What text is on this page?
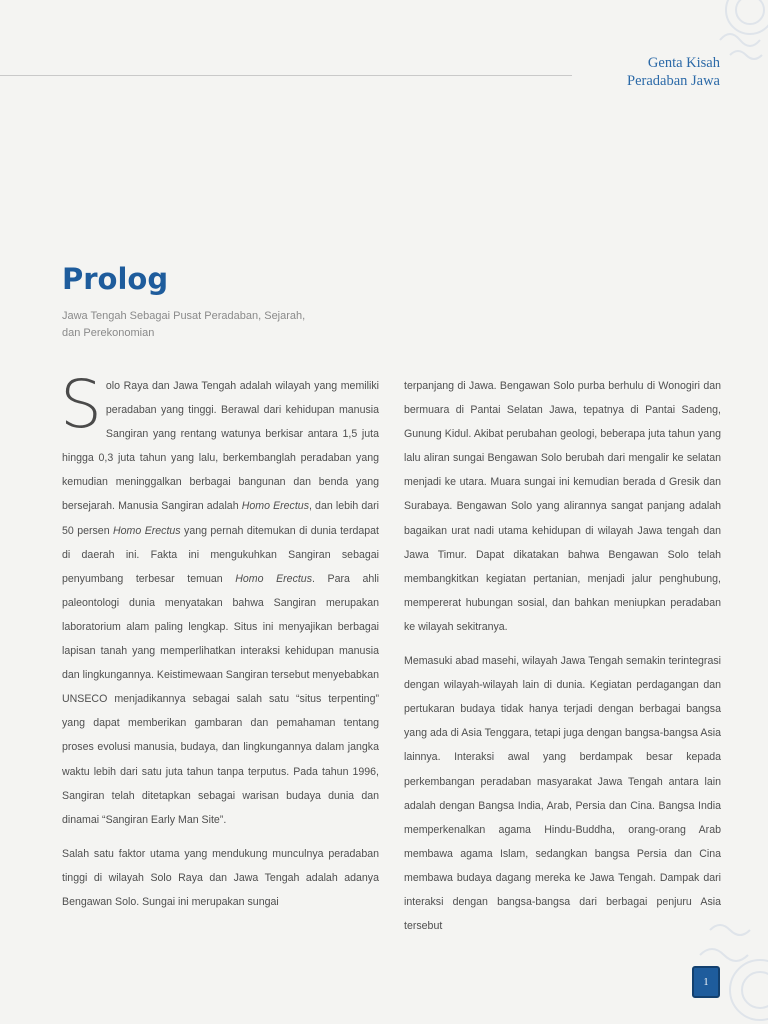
Genta Kisah
Peradaban Jawa
Prolog
Jawa Tengah Sebagai Pusat Peradaban, Sejarah, dan Perekonomian

Solo Raya dan Jawa Tengah adalah wilayah yang memiliki peradaban yang tinggi. Berawal dari kehidupan manusia Sangiran yang rentang watunya berkisar antara 1,5 juta hingga 0,3 juta tahun yang lalu, berkembanglah peradaban yang kemudian meninggalkan berbagai bangunan dan benda yang bersejarah. Manusia Sangiran adalah Homo Erectus, dan lebih dari 50 persen Homo Erectus yang pernah ditemukan di dunia terdapat di daerah ini. Fakta ini mengukuhkan Sangiran sebagai penyumbang terbesar temuan Homo Erectus. Para ahli paleontologi dunia menyatakan bahwa Sangiran merupakan laboratorium alam paling lengkap. Situs ini menyajikan berbagai lapisan tanah yang memperlihatkan interaksi kehidupan manusia dan lingkungannya. Keistimewaan Sangiran tersebut menyebabkan UNSECO menjadikannya sebagai salah satu “situs terpenting” yang dapat memberikan gambaran dan pemahaman tentang proses evolusi manusia, budaya, dan lingkungannya dalam jangka waktu lebih dari satu juta tahun tanpa terputus. Pada tahun 1996, Sangiran telah ditetapkan sebagai warisan budaya dunia dan dinamai “Sangiran Early Man Site”.

Salah satu faktor utama yang mendukung munculnya peradaban tinggi di wilayah Solo Raya dan Jawa Tengah adalah adanya Bengawan Solo. Sungai ini merupakan sungai

terpanjang di Jawa. Bengawan Solo purba berhulu di Wonogiri dan bermuara di Pantai Selatan Jawa, tepatnya di Pantai Sadeng, Gunung Kidul. Akibat perubahan geologi, beberapa juta tahun yang lalu aliran sungai Bengawan Solo berubah dari mengalir ke selatan menjadi ke utara. Muara sungai ini kemudian berada d Gresik dan Surabaya. Bengawan Solo yang alirannya sangat panjang adalah bagaikan urat nadi utama kehidupan di wilayah Jawa tengah dan Jawa Timur. Dapat dikatakan bahwa Bengawan Solo telah membangkitkan kegiatan pertanian, menjadi jalur penghubung, mempererat hubungan sosial, dan bahkan meniupkan peradaban ke wilayah sekitranya.

Memasuki abad masehi, wilayah Jawa Tengah semakin terintegrasi dengan wilayah-wilayah lain di dunia. Kegiatan perdagangan dan pertukaran budaya tidak hanya terjadi dengan berbagai bangsa yang ada di Asia Tenggara, tetapi juga dengan bangsa-bangsa Asia lainnya. Interaksi awal yang berdampak besar kepada perkembangan peradaban masyarakat Jawa Tengah antara lain adalah dengan Bangsa India, Arab, Persia dan Cina. Bangsa India memperkenalkan agama Hindu-Buddha, orang-orang Arab membawa agama Islam, sedangkan bangsa Persia dan Cina membawa budaya dagang mereka ke Jawa Tengah. Dampak dari interaksi dengan bangsa-bangsa dari berbagai penjuru Asia tersebut

1
